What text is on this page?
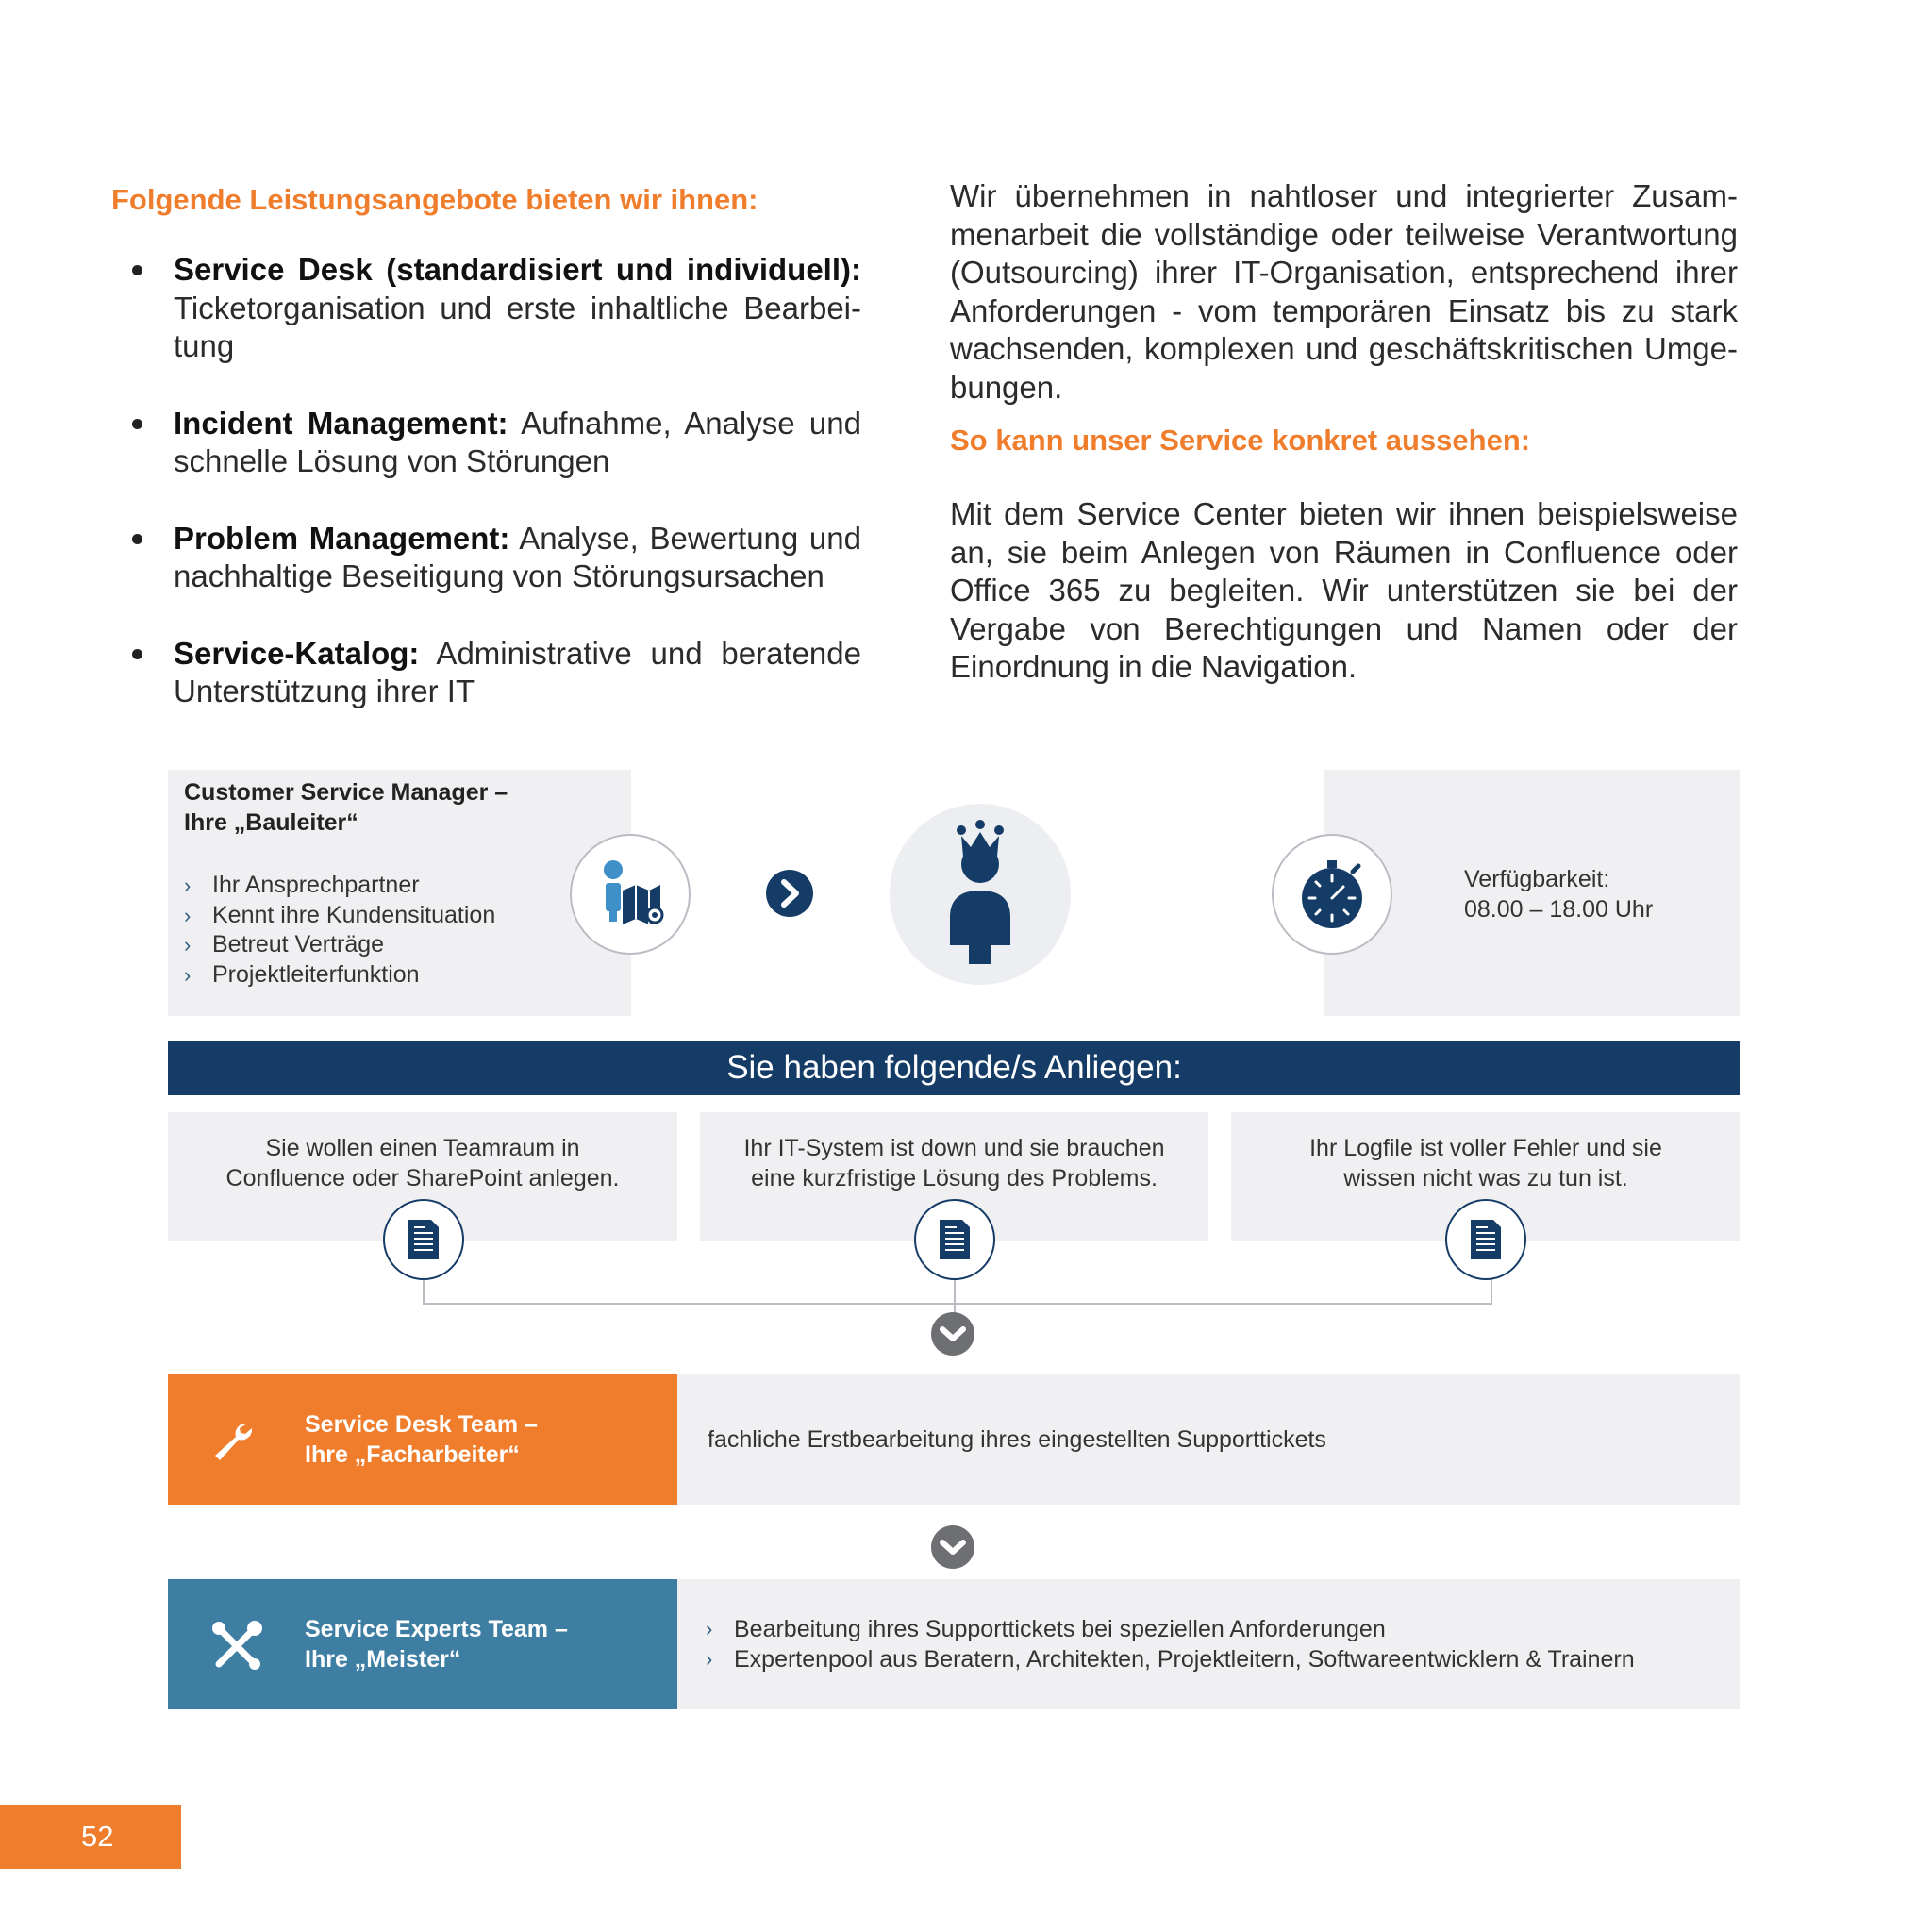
Folgende Leistungsangebote bieten wir ihnen:

Service Desk (standardisiert und individuell): Ticketorganisation und erste inhaltliche Bearbei-tung
Incident Management: Aufnahme, Analyse und schnelle Lösung von Störungen
Problem Management: Analyse, Bewertung und nachhaltige Beseitigung von Störungsursachen
Service-Katalog: Administrative und beratende Unterstützung ihrer IT

Wir übernehmen in nahtloser und integrierter Zusam-menarbeit die vollständige oder teilweise Verantwortung (Outsourcing) ihrer IT-Organisation, entsprechend ihrer Anforderungen - vom temporären Einsatz bis zu stark wachsenden, komplexen und geschäftskritischen Umge-bungen.

So kann unser Service konkret aussehen:

Mit dem Service Center bieten wir ihnen beispielsweise an, sie beim Anlegen von Räumen in Confluence oder Office 365 zu begleiten. Wir unterstützen sie bei der Vergabe von Berechtigungen und Namen oder der Einordnung in die Navigation.

Customer Service Manager –
Ihre „Bauleiter“
› Ihr Ansprechpartner
› Kennt ihre Kundensituation
› Betreut Verträge
› Projektleiterfunktion
Verfügbarkeit:
08.00 – 18.00 Uhr
Sie haben folgende/s Anliegen:
Sie wollen einen Teamraum in Confluence oder SharePoint anlegen.
Ihr IT-System ist down und sie brauchen eine kurzfristige Lösung des Problems.
Ihr Logfile ist voller Fehler und sie wissen nicht was zu tun ist.
Service Desk Team –
Ihre „Facharbeiter“
fachliche Erstbearbeitung ihres eingestellten Supporttickets
Service Experts Team –
Ihre „Meister“
› Bearbeitung ihres Supporttickets bei speziellen Anforderungen
› Expertenpool aus Beratern, Architekten, Projektleitern, Softwareentwicklern & Trainern
52
